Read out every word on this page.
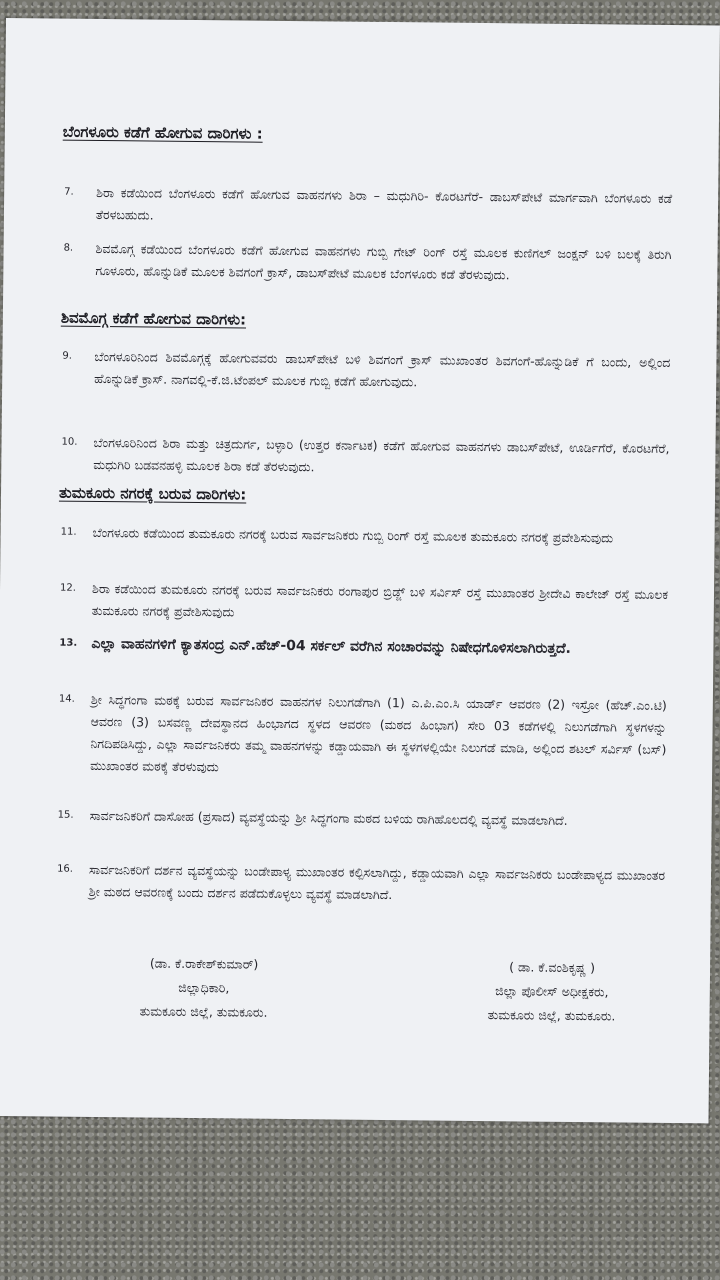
ಬೆಂಗಳೂರು ಕಡೆಗೆ ಹೋಗುವ ದಾರಿಗಳು :
7.	ಶಿರಾ ಕಡೆಯಿಂದ ಬೆಂಗಳೂರು ಕಡೆಗೆ ಹೋಗುವ ವಾಹನಗಳು ಶಿರಾ – ಮಧುಗಿರಿ- ಕೊರಟಗೆರೆ- ಡಾಬಸ್‌ಪೇಟೆ ಮಾರ್ಗವಾಗಿ ಬೆಂಗಳೂರು ಕಡೆ ತೆರಳಬಹುದು.
8.	ಶಿವಮೊಗ್ಗ ಕಡೆಯಿಂದ ಬೆಂಗಳೂರು ಕಡೆಗೆ ಹೋಗುವ ವಾಹನಗಳು ಗುಬ್ಬಿ ಗೇಟ್ ರಿಂಗ್ ರಸ್ತೆ ಮೂಲಕ ಕುಣಿಗಲ್ ಜಂಕ್ಷನ್ ಬಳಿ ಬಲಕ್ಕೆ ತಿರುಗಿ ಗೂಳೂರು, ಹೊನ್ನುಡಿಕೆ ಮೂಲಕ ಶಿವಗಂಗೆ ಕ್ರಾಸ್, ಡಾಬಸ್‌ಪೇಟೆ ಮೂಲಕ ಬೆಂಗಳೂರು ಕಡೆ ತೆರಳುವುದು.
ಶಿವಮೊಗ್ಗ ಕಡೆಗೆ ಹೋಗುವ ದಾರಿಗಳು:
9.	ಬೆಂಗಳೂರಿನಿಂದ ಶಿವಮೊಗ್ಗಕ್ಕೆ ಹೋಗುವವರು ಡಾಬಸ್‌ಪೇಟೆ ಬಳಿ ಶಿವಗಂಗೆ ಕ್ರಾಸ್ ಮುಖಾಂತರ ಶಿವಗಂಗೆ-ಹೊನ್ನುಡಿಕೆ ಗೆ ಬಂದು, ಅಲ್ಲಿಂದ ಹೊನ್ನುಡಿಕೆ ಕ್ರಾಸ್. ನಾಗವಲ್ಲಿ-ಕೆ.ಜಿ.ಟೆಂಪಲ್ ಮೂಲಕ ಗುಬ್ಬಿ ಕಡೆಗೆ ಹೋಗುವುದು.
10.	ಬೆಂಗಳೂರಿನಿಂದ ಶಿರಾ ಮತ್ತು ಚಿತ್ರದುರ್ಗ, ಬಳ್ಳಾರಿ (ಉತ್ತರ ಕರ್ನಾಟಕ) ಕಡೆಗೆ ಹೋಗುವ ವಾಹನಗಳು ಡಾಬಸ್‌ಪೇಟೆ, ಊರ್ಡಿಗೆರೆ, ಕೊರಟಗೆರೆ, ಮಧುಗಿರಿ ಬಡವನಹಳ್ಳಿ ಮೂಲಕ ಶಿರಾ ಕಡೆ ತೆರಳುವುದು.
ತುಮಕೂರು ನಗರಕ್ಕೆ ಬರುವ ದಾರಿಗಳು:
11.	ಬೆಂಗಳೂರು ಕಡೆಯಿಂದ ತುಮಕೂರು ನಗರಕ್ಕೆ ಬರುವ ಸಾರ್ವಜನಿಕರು ಗುಬ್ಬಿ ರಿಂಗ್ ರಸ್ತೆ ಮೂಲಕ ತುಮಕೂರು ನಗರಕ್ಕೆ ಪ್ರವೇಶಿಸುವುದು
12.	ಶಿರಾ ಕಡೆಯಿಂದ ತುಮಕೂರು ನಗರಕ್ಕೆ ಬರುವ ಸಾರ್ವಜನಿಕರು ರಂಗಾಪುರ ಬ್ರಿಡ್ಜ್ ಬಳಿ ಸರ್ವಿಸ್ ರಸ್ತೆ ಮುಖಾಂತರ ಶ್ರೀದೇವಿ ಕಾಲೇಜ್ ರಸ್ತೆ ಮೂಲಕ ತುಮಕೂರು ನಗರಕ್ಕೆ ಪ್ರವೇಶಿಸುವುದು
13.	ಎಲ್ಲಾ ವಾಹನಗಳಿಗೆ ಕ್ಯಾತಸಂದ್ರ ಎನ್.ಹೆಚ್-04 ಸರ್ಕಲ್ ವರೆಗಿನ ಸಂಚಾರವನ್ನು ನಿಷೇಧಗೊಳಿಸಲಾಗಿರುತ್ತದೆ.
14.	ಶ್ರೀ ಸಿದ್ಧಗಂಗಾ ಮಠಕ್ಕೆ ಬರುವ ಸಾರ್ವಜನಿಕರ ವಾಹನಗಳ ನಿಲುಗಡೆಗಾಗಿ (1) ಎ.ಪಿ.ಎಂ.ಸಿ ಯಾರ್ಡ್ ಆವರಣ (2) ಇಸ್ರೋ (ಹೆಚ್.ಎಂ.ಟಿ) ಆವರಣ (3) ಬಸವಣ್ಣ ದೇವಸ್ಥಾನದ ಹಿಂಭಾಗದ ಸ್ಥಳದ ಆವರಣ (ಮಠದ ಹಿಂಭಾಗ) ಸೇರಿ 03 ಕಡೆಗಳಲ್ಲಿ ನಿಲುಗಡೆಗಾಗಿ ಸ್ಥಳಗಳನ್ನು ನಿಗದಿಪಡಿಸಿದ್ದು, ಎಲ್ಲಾ ಸಾರ್ವಜನಿಕರು ತಮ್ಮ ವಾಹನಗಳನ್ನು ಕಡ್ಡಾಯವಾಗಿ ಈ ಸ್ಥಳಗಳಲ್ಲಿಯೇ ನಿಲುಗಡೆ ಮಾಡಿ, ಅಲ್ಲಿಂದ ಶಟಲ್ ಸರ್ವಿಸ್ (ಬಸ್) ಮುಖಾಂತರ ಮಠಕ್ಕೆ ತೆರಳುವುದು
15.	ಸಾರ್ವಜನಿಕರಿಗೆ ದಾಸೋಹ (ಪ್ರಸಾದ) ವ್ಯವಸ್ಥೆಯನ್ನು ಶ್ರೀ ಸಿದ್ಧಗಂಗಾ ಮಠದ ಬಳಿಯ ರಾಗಿಹೊಲದಲ್ಲಿ ವ್ಯವಸ್ಥೆ ಮಾಡಲಾಗಿದೆ.
16.	ಸಾರ್ವಜನಿಕರಿಗೆ ದರ್ಶನ ವ್ಯವಸ್ಥೆಯನ್ನು ಬಂಡೇಪಾಳ್ಯ ಮುಖಾಂತರ ಕಲ್ಪಿಸಲಾಗಿದ್ದು, ಕಡ್ಡಾಯವಾಗಿ ಎಲ್ಲಾ ಸಾರ್ವಜನಿಕರು ಬಂಡೇಪಾಳ್ಯದ ಮುಖಾಂತರ ಶ್ರೀ ಮಠದ ಆವರಣಕ್ಕೆ ಬಂದು ದರ್ಶನ ಪಡೆದುಕೊಳ್ಳಲು ವ್ಯವಸ್ಥೆ ಮಾಡಲಾಗಿದೆ.
(ಡಾ. ಕೆ.ರಾಕೇಶ್‌ಕುಮಾರ್)
ಜಿಲ್ಲಾಧಿಕಾರಿ,
ತುಮಕೂರು ಜಿಲ್ಲೆ, ತುಮಕೂರು.
( ಡಾ. ಕೆ.ವಂಶಿಕೃಷ್ಣ )
ಜಿಲ್ಲಾ ಪೊಲೀಸ್ ಅಧೀಕ್ಷಕರು,
ತುಮಕೂರು ಜಿಲ್ಲೆ, ತುಮಕೂರು.
